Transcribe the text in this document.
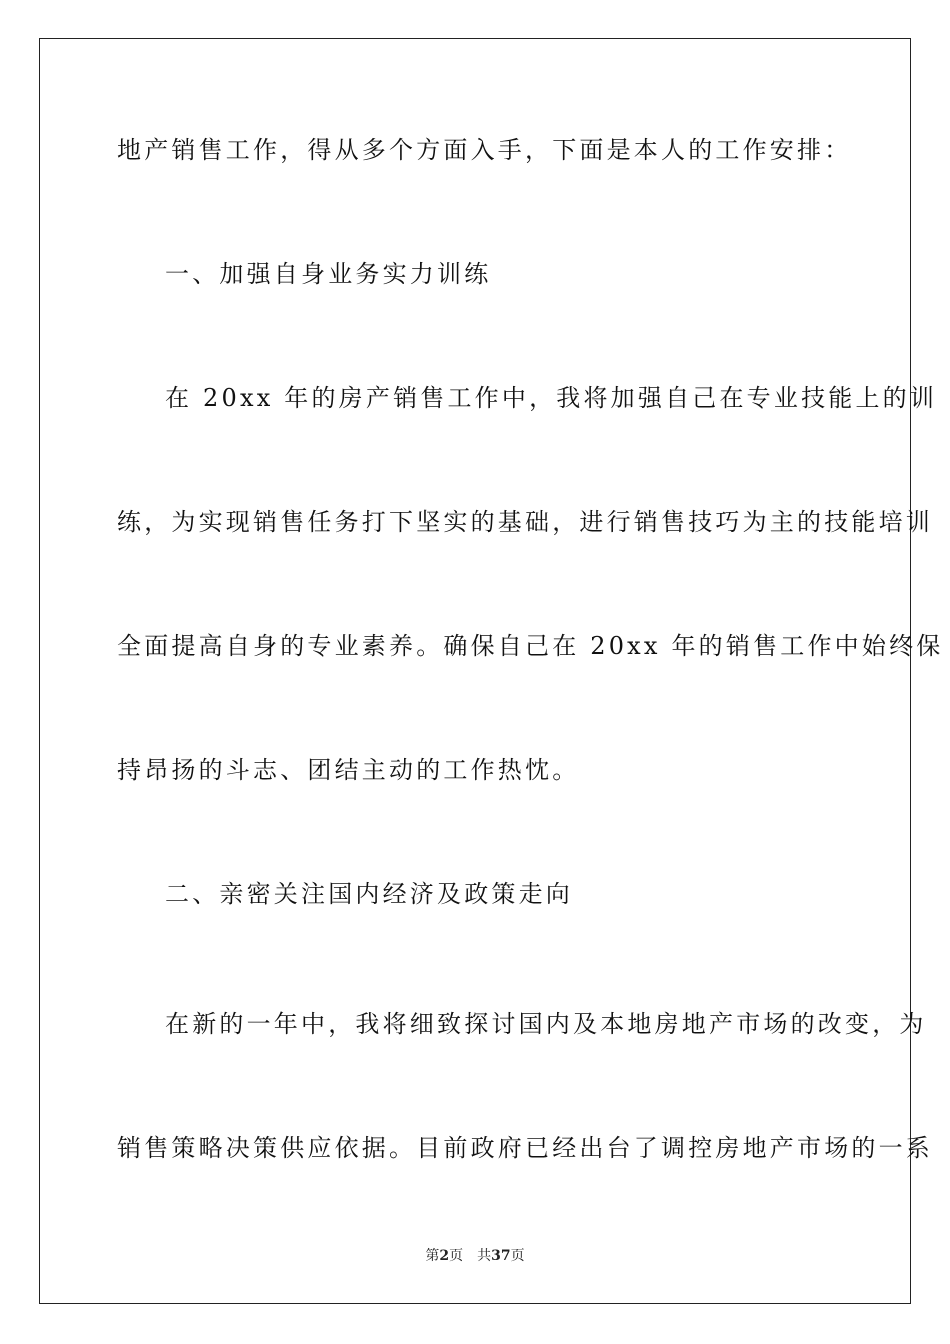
地产销售工作，得从多个方面入手，下面是本人的工作安排：
一、加强自身业务实力训练
在 20xx 年的房产销售工作中，我将加强自己在专业技能上的训
练，为实现销售任务打下坚实的基础，进行销售技巧为主的技能培训
全面提高自身的专业素养。确保自己在 20xx 年的销售工作中始终保
持昂扬的斗志、团结主动的工作热忱。
二、亲密关注国内经济及政策走向
在新的一年中，我将细致探讨国内及本地房地产市场的改变，为
销售策略决策供应依据。目前政府已经出台了调控房地产市场的一系
第2页 共37页
